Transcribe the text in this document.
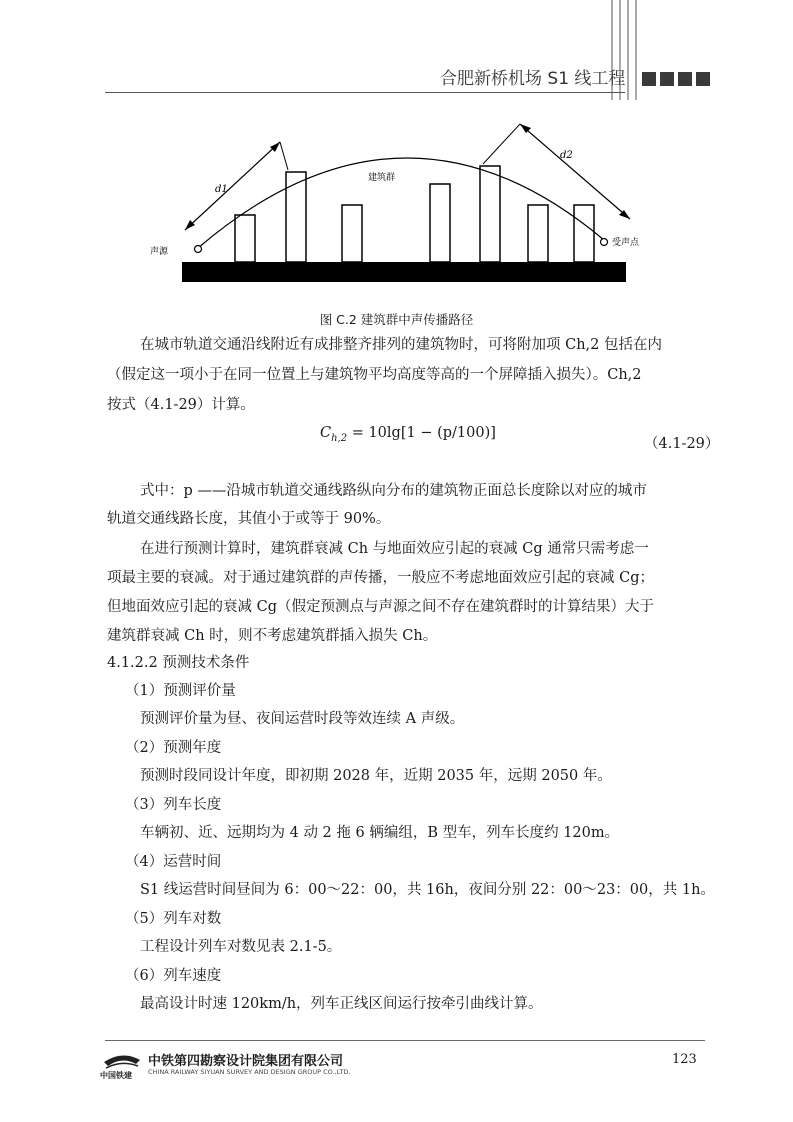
合肥新桥机场 S1 线工程
d1
d2
声源
受声点
建筑群
图 C.2 建筑群中声传播路径
在城市轨道交通沿线附近有成排整齐排列的建筑物时，可将附加项 Ch,2 包括在内
（假定这一项小于在同一位置上与建筑物平均高度等高的一个屏障插入损失）。Ch,2
按式（4.1-29）计算。
$C_{h,2} = 10\lg[1 - (p/100)]$
（4.1-29）
式中：p ——沿城市轨道交通线路纵向分布的建筑物正面总长度除以对应的城市
轨道交通线路长度，其值小于或等于 90%。
在进行预测计算时，建筑群衰减 Ch 与地面效应引起的衰减 Cg 通常只需考虑一
项最主要的衰减。对于通过建筑群的声传播，一般应不考虑地面效应引起的衰减 Cg；
但地面效应引起的衰减 Cg（假定预测点与声源之间不存在建筑群时的计算结果）大于
建筑群衰减 Ch 时，则不考虑建筑群插入损失 Ch。
4.1.2.2 预测技术条件
（1）预测评价量
预测评价量为昼、夜间运营时段等效连续 A 声级。
（2）预测年度
预测时段同设计年度，即初期 2028 年，近期 2035 年，远期 2050 年。
（3）列车长度
车辆初、近、远期均为 4 动 2 拖 6 辆编组，B 型车，列车长度约 120m。
（4）运营时间
S1 线运营时间昼间为 6：00～22：00，共 16h，夜间分别 22：00～23：00，共 1h。
（5）列车对数
工程设计列车对数见表 2.1-5。
（6）列车速度
最高设计时速 120km/h，列车正线区间运行按牵引曲线计算。
中国铁建
中铁第四勘察设计院集团有限公司
CHINA RAILWAY SIYUAN SURVEY AND DESIGN GROUP CO.,LTD.
123
